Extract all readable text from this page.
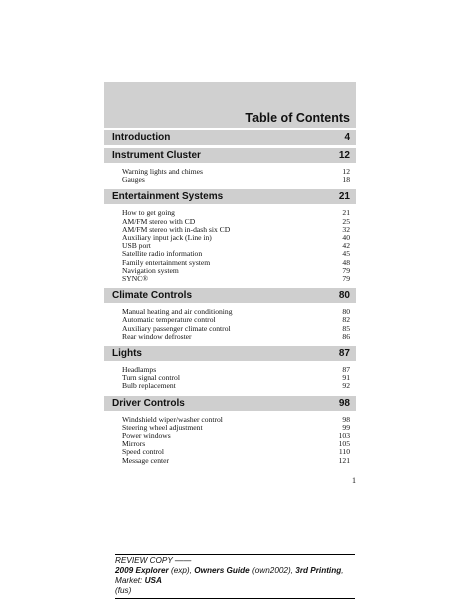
Table of Contents
Introduction	4
Instrument Cluster	12
Warning lights and chimes	12
Gauges	18
Entertainment Systems	21
How to get going	21
AM/FM stereo with CD	25
AM/FM stereo with in-dash six CD	32
Auxiliary input jack (Line in)	40
USB port	42
Satellite radio information	45
Family entertainment system	48
Navigation system	79
SYNC®	79
Climate Controls	80
Manual heating and air conditioning	80
Automatic temperature control	82
Auxiliary passenger climate control	85
Rear window defroster	86
Lights	87
Headlamps	87
Turn signal control	91
Bulb replacement	92
Driver Controls	98
Windshield wiper/washer control	98
Steering wheel adjustment	99
Power windows	103
Mirrors	105
Speed control	110
Message center	121
1
REVIEW COPY ——
2009 Explorer (exp), Owners Guide (own2002), 3rd Printing, Market: USA
(fus)
